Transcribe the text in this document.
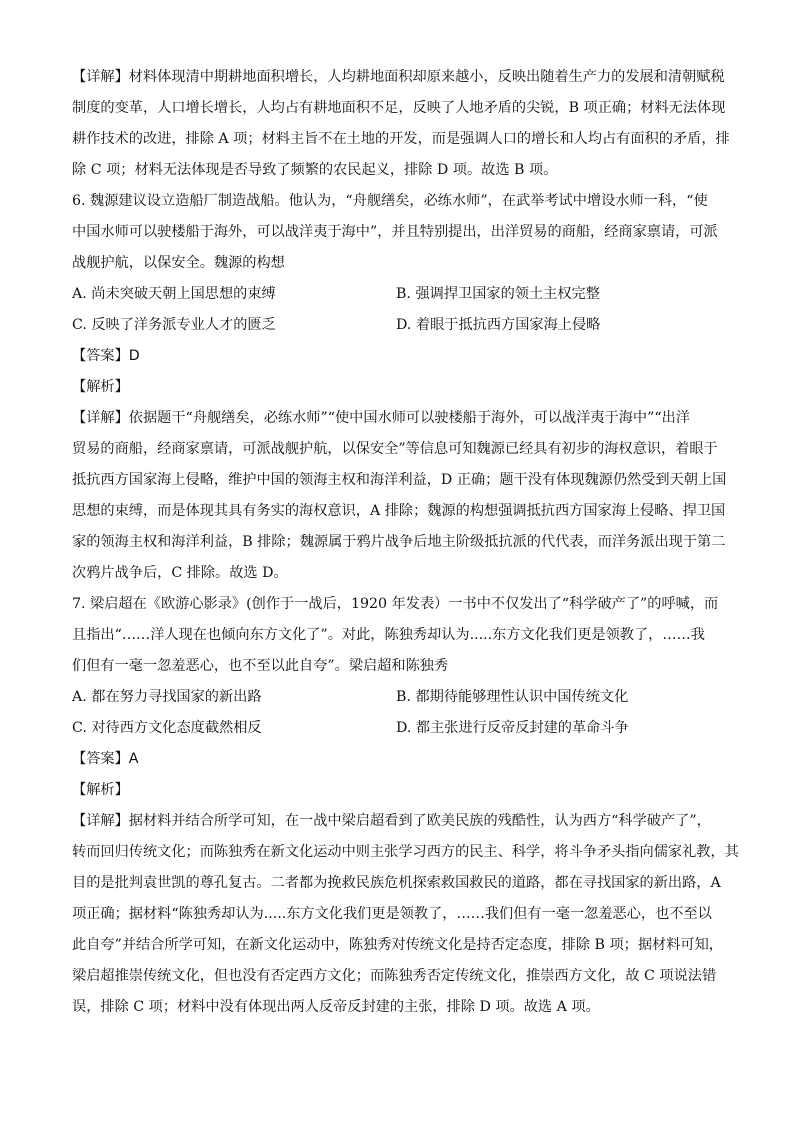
【详解】材料体现清中期耕地面积增长，人均耕地面积却原来越小，反映出随着生产力的发展和清朝赋税
制度的变革，人口增长增长，人均占有耕地面积不足，反映了人地矛盾的尖锐，B 项正确；材料无法体现
耕作技术的改进，排除 A 项；材料主旨不在土地的开发，而是强调人口的增长和人均占有面积的矛盾，排
除 C 项；材料无法体现是否导致了频繁的农民起义，排除 D 项。故选 B 项。
6. 魏源建议设立造船厂制造战船。他认为，“舟舰缮矣，必练水师”，在武举考试中增设水师一科，“使
中国水师可以驶楼船于海外，可以战洋夷于海中”，并且特别提出，出洋贸易的商船，经商家禀请，可派
战舰护航，以保安全。魏源的构想
A. 尚未突破天朝上国思想的束缚	B. 强调捍卫国家的领土主权完整
C. 反映了洋务派专业人才的匮乏	D. 着眼于抵抗西方国家海上侵略
【答案】D
【解析】
【详解】依据题干“舟舰缮矣，必练水师”“使中国水师可以驶楼船于海外，可以战洋夷于海中”“出洋
贸易的商船，经商家禀请，可派战舰护航，以保安全”等信息可知魏源已经具有初步的海权意识，着眼于
抵抗西方国家海上侵略，维护中国的领海主权和海洋利益，D 正确；题干没有体现魏源仍然受到天朝上国
思想的束缚，而是体现其具有务实的海权意识，A 排除；魏源的构想强调抵抗西方国家海上侵略、捍卫国
家的领海主权和海洋利益，B 排除；魏源属于鸦片战争后地主阶级抵抗派的代代表，而洋务派出现于第二
次鸦片战争后，C 排除。故选 D。
7. 梁启超在《欧游心影录》(创作于一战后，1920 年发表）一书中不仅发出了“科学破产了”的呼喊，而
且指出“……洋人现在也倾向东方文化了”。对此，陈独秀却认为.....东方文化我们更是领教了，……我
们但有一毫一忽羞恶心，也不至以此自夸”。梁启超和陈独秀
A. 都在努力寻找国家的新出路	B. 都期待能够理性认识中国传统文化
C. 对待西方文化态度截然相反	D. 都主张进行反帝反封建的革命斗争
【答案】A
【解析】
【详解】据材料并结合所学可知，在一战中梁启超看到了欧美民族的残酷性，认为西方“科学破产了”，
转而回归传统文化；而陈独秀在新文化运动中则主张学习西方的民主、科学，将斗争矛头指向儒家礼教，其
目的是批判袁世凯的尊孔复古。二者都为挽救民族危机探索救国救民的道路，都在寻找国家的新出路，A
项正确；据材料“陈独秀却认为.....东方文化我们更是领教了，……我们但有一毫一忽羞恶心，也不至以
此自夸”并结合所学可知，在新文化运动中，陈独秀对传统文化是持否定态度，排除 B 项；据材料可知，
梁启超推崇传统文化，但也没有否定西方文化；而陈独秀否定传统文化，推崇西方文化，故 C 项说法错
误，排除 C 项；材料中没有体现出两人反帝反封建的主张，排除 D 项。故选 A 项。
